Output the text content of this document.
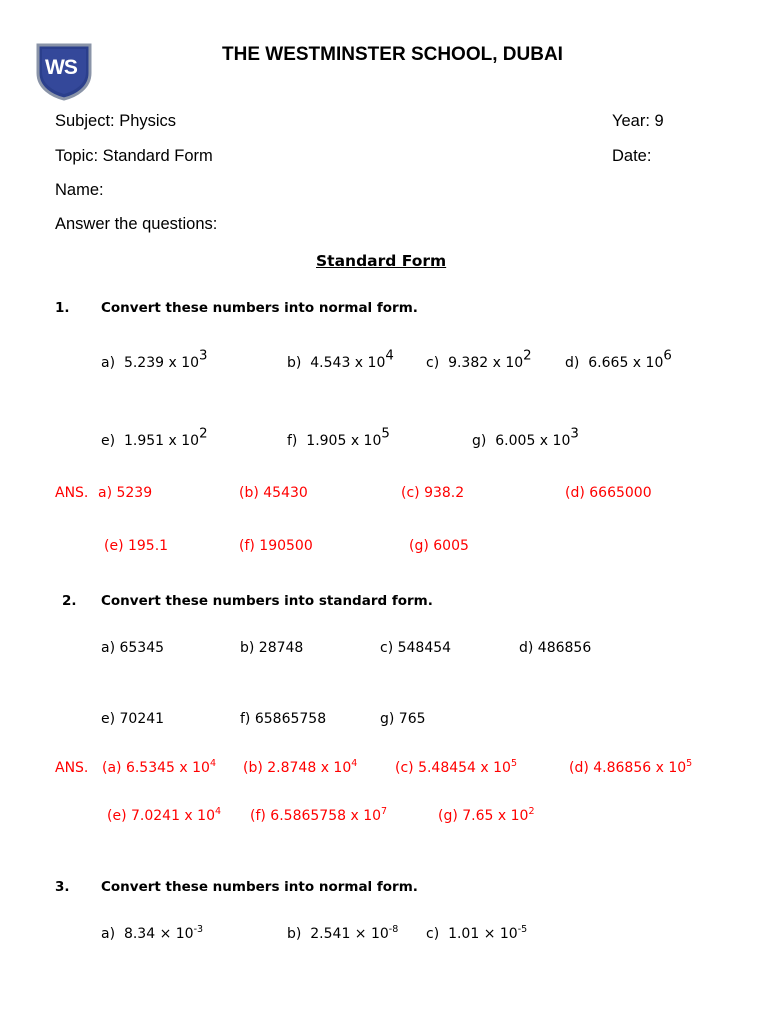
WS
THE WESTMINSTER SCHOOL, DUBAI
Subject: Physics	Year: 9
Topic: Standard Form	Date:
Name:
Answer the questions:
Standard Form
1. Convert these numbers into normal form.
a) 5.239 x $10^3$	b) 4.543 x $10^4$ c) 9.382 x $10^2$ d) 6.665 x $10^6$
e) 1.951 x $10^2$	f) 1.905 x $10^5$	g) 6.005 x $10^3$
ANS. a) 5239	(b) 45430	(c) 938.2	(d) 6665000
(e) 195.1	(f) 190500	(g) 6005
2. Convert these numbers into standard form.
a) 65345	b) 28748	c) 548454	d) 486856
e) 70241	f) 65865758	g) 765
ANS. (a) 6.5345 x $10^4$ (b) 2.8748 x $10^4$	(c) 5.48454 x $10^5$	(d) 4.86856 x $10^5$
(e) 7.0241 x $10^4$ (f) 6.5865758 x $10^7$	(g) 7.65 x $10^2$
3. Convert these numbers into normal form.
a) $8.34 \times 10^{-3}$	b) $2.541 \times 10^{-8}$ c) $1.01 \times 10^{-5}$
